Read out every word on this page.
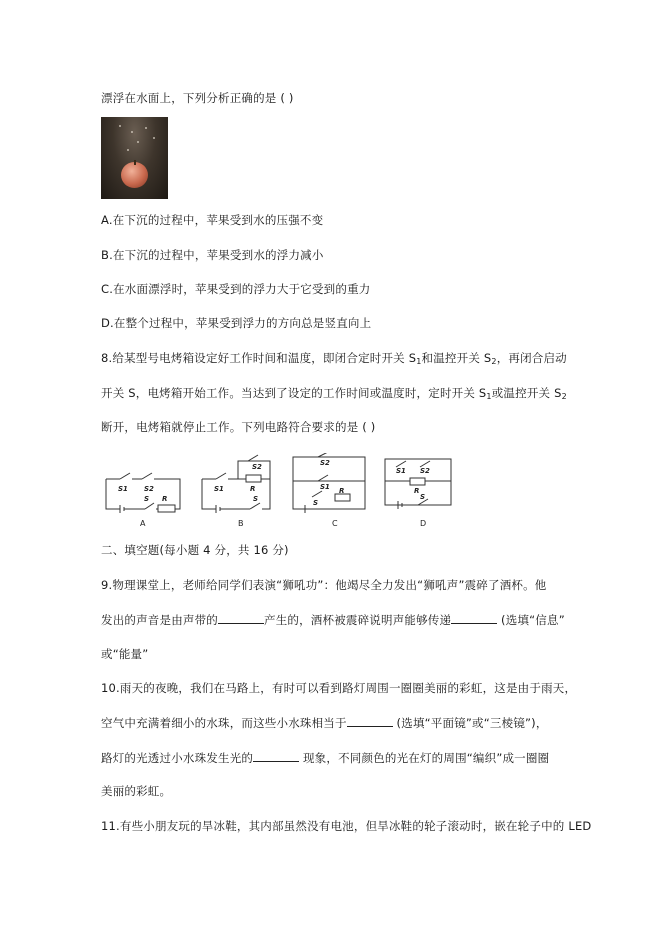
漂浮在水面上，下列分析正确的是 ( )
A.在下沉的过程中，苹果受到水的压强不变
B.在下沉的过程中，苹果受到水的浮力减小
C.在水面漂浮时，苹果受到的浮力大于它受到的重力
D.在整个过程中，苹果受到浮力的方向总是竖直向上
8.给某型号电烤箱设定好工作时间和温度，即闭合定时开关 $S_1$和温控开关 $S_2$，再闭合启动
开关 S，电烤箱开始工作。当达到了设定的工作时间或温度时，定时开关 $S_1$或温控开关 $S_2$
断开，电烤箱就停止工作。下列电路符合要求的是 ( )
S1 S2
S R
S1
S2
R
S
S2
S1
S
R
S1 S2
R
S
A	B	C	D
二、填空题(每小题 4 分，共 16 分)
9.物理课堂上，老师给同学们表演“狮吼功”：他竭尽全力发出“狮吼声”震碎了酒杯。他
发出的声音是由声带的	产生的，酒杯被震碎说明声能够传递	(选填“信息”
或“能量”
10.雨天的夜晚，我们在马路上，有时可以看到路灯周围一圈圈美丽的彩虹，这是由于雨天，
空气中充满着细小的水珠，而这些小水珠相当于	(选填“平面镜”或“三棱镜”)，
路灯的光透过小水珠发生光的	现象，不同颜色的光在灯的周围“编织”成一圈圈
美丽的彩虹。
11.有些小朋友玩的旱冰鞋，其内部虽然没有电池，但旱冰鞋的轮子滚动时，嵌在轮子中的 LED
